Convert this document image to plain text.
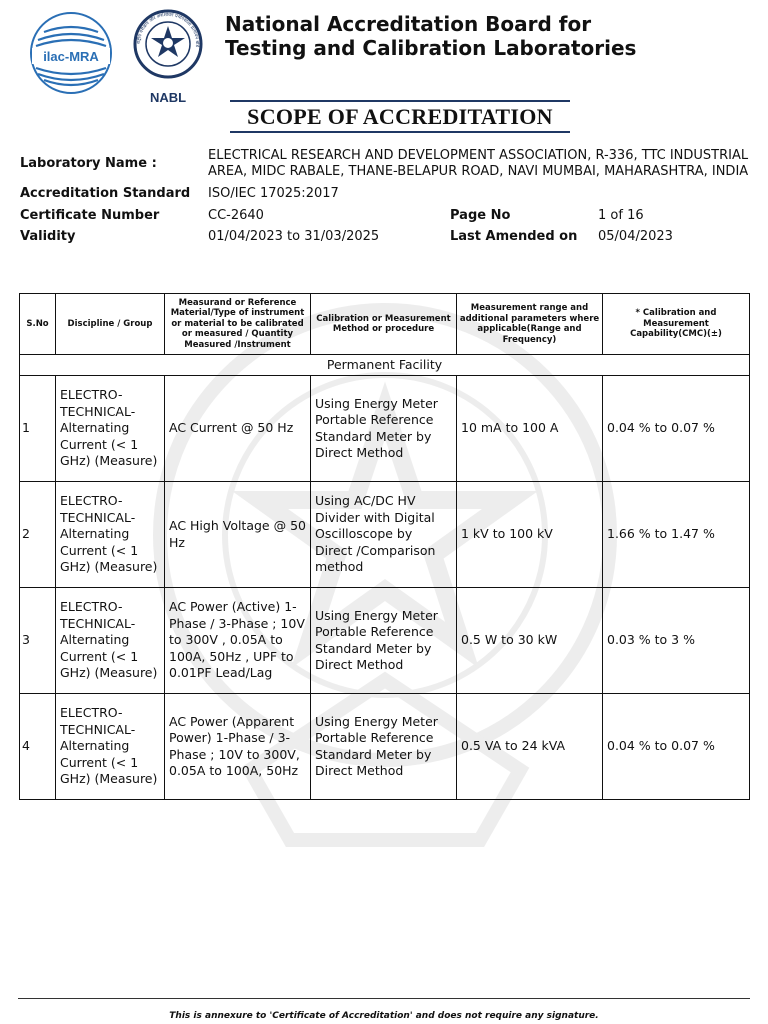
ilac-MRA
राष्ट्रीय परीक्षण और अंशशोधन प्रयोगशाला प्रत्यायन बोर्ड
NABL
National Accreditation Board for
Testing and Calibration Laboratories
SCOPE OF ACCREDITATION
Laboratory Name :
ELECTRICAL RESEARCH AND DEVELOPMENT ASSOCIATION, R-336, TTC INDUSTRIAL
AREA, MIDC RABALE, THANE-BELAPUR ROAD, NAVI MUMBAI, MAHARASHTRA, INDIA
Accreditation Standard ISO/IEC 17025:2017
Certificate Number	CC-2640	Page No	1 of 16
Validity	01/04/2023 to 31/03/2025	Last Amended on 05/04/2023
S.No	Discipline / Group	Measurand or Reference Material/Type of instrument or material to be calibrated or measured / Quantity Measured /Instrument	Calibration or Measurement Method or procedure	Measurement range and additional parameters where applicable(Range and Frequency)	* Calibration and Measurement Capability(CMC)(±)
Permanent Facility					
1	ELECTRO-TECHNICAL-Alternating Current (< 1 GHz) (Measure)	AC Current @ 50 Hz	Using Energy Meter Portable Reference Standard Meter by Direct Method	10 mA to 100 A	0.04 % to 0.07 %
2	ELECTRO-TECHNICAL-Alternating Current (< 1 GHz) (Measure)	AC High Voltage @ 50 Hz	Using AC/DC HV Divider with Digital Oscilloscope by Direct /Comparison method	1 kV to 100 kV	1.66 % to 1.47 %
3	ELECTRO-TECHNICAL-Alternating Current (< 1 GHz) (Measure)	AC Power (Active) 1-Phase / 3-Phase ; 10V to 300V , 0.05A to 100A, 50Hz , UPF to 0.01PF Lead/Lag	Using Energy Meter Portable Reference Standard Meter by Direct Method	0.5 W to 30 kW	0.03 % to 3 %
4	ELECTRO-TECHNICAL-Alternating Current (< 1 GHz) (Measure)	AC Power (Apparent Power) 1-Phase / 3-Phase ; 10V to 300V, 0.05A to 100A, 50Hz	Using Energy Meter Portable Reference Standard Meter by Direct Method	0.5 VA to 24 kVA	0.04 % to 0.07 %
This is annexure to 'Certificate of Accreditation' and does not require any signature.
